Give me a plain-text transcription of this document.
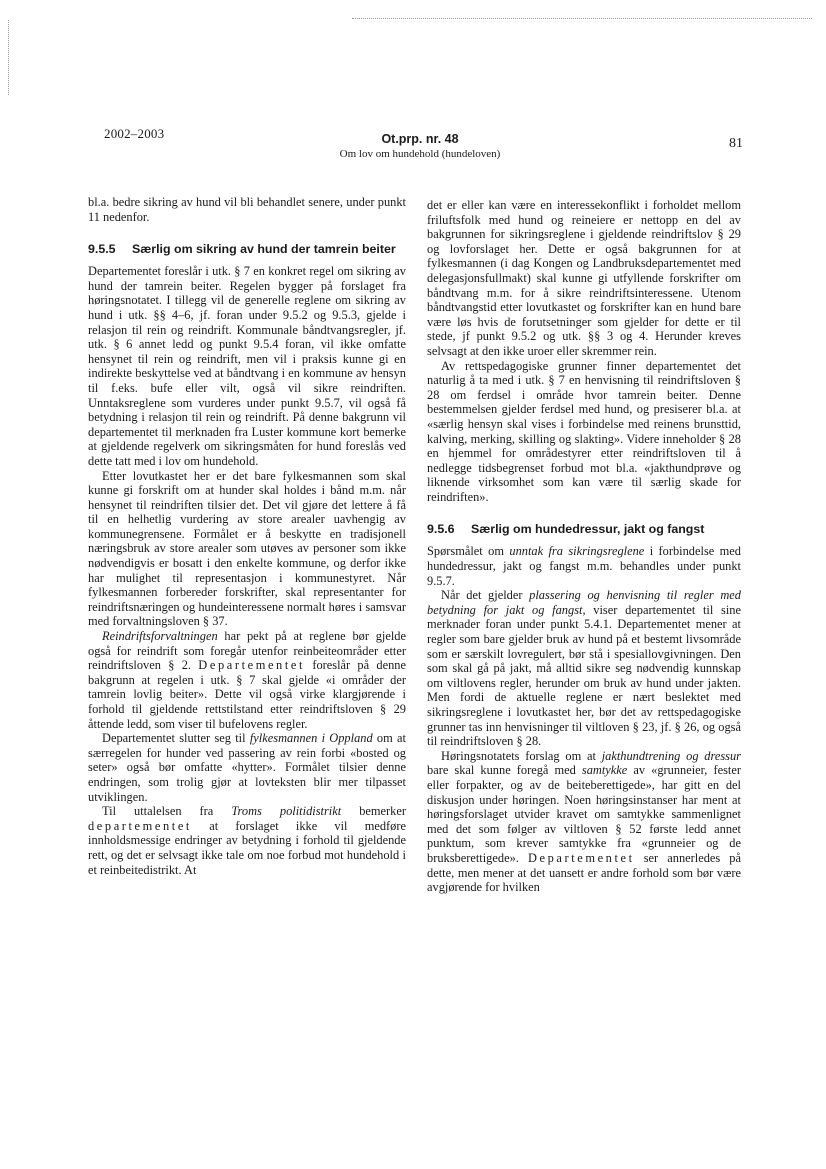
2002–2003	Ot.prp. nr. 48
Om lov om hundehold (hundeloven)
81

bl.a. bedre sikring av hund vil bli behandlet senere, under punkt 11 nedenfor.

9.5.5	Særlig om sikring av hund der tamrein beiter

Departementet foreslår i utk. § 7 en konkret regel om sikring av hund der tamrein beiter. Regelen bygger på forslaget fra høringsnotatet. I tillegg vil de generelle reglene om sikring av hund i utk. §§ 4–6, jf. foran under 9.5.2 og 9.5.3, gjelde i relasjon til rein og reindrift. Kommunale båndtvangsregler, jf. utk. § 6 annet ledd og punkt 9.5.4 foran, vil ikke omfatte hensynet til rein og reindrift, men vil i praksis kunne gi en indirekte beskyttelse ved at båndtvang i en kommune av hensyn til f.eks. bufe eller vilt, også vil sikre reindriften. Unntaksreglene som vurderes under punkt 9.5.7, vil også få betydning i relasjon til rein og reindrift. På denne bakgrunn vil departementet til merknaden fra Luster kommune kort bemerke at gjeldende regelverk om sikringsmåten for hund foreslås ved dette tatt med i lov om hundehold.

Etter lovutkastet her er det bare fylkesmannen som skal kunne gi forskrift om at hunder skal holdes i bånd m.m. når hensynet til reindriften tilsier det. Det vil gjøre det lettere å få til en helhetlig vurdering av store arealer uavhengig av kommunegrensene. Formålet er å beskytte en tradisjonell næringsbruk av store arealer som utøves av personer som ikke nødvendigvis er bosatt i den enkelte kommune, og derfor ikke har mulighet til representasjon i kommunestyret. Når fylkesmannen forbereder forskrifter, skal representanter for reindriftsnæringen og hundeinteressene normalt høres i samsvar med forvaltningsloven § 37.

Reindriftsforvaltningen har pekt på at reglene bør gjelde også for reindrift som foregår utenfor reinbeiteområder etter reindriftsloven § 2. Departementet foreslår på denne bakgrunn at regelen i utk. § 7 skal gjelde «i områder der tamrein lovlig beiter». Dette vil også virke klargjørende i forhold til gjeldende rettstilstand etter reindriftsloven § 29 åttende ledd, som viser til bufelovens regler.

Departementet slutter seg til fylkesmannen i Oppland om at særregelen for hunder ved passering av rein forbi «bosted og seter» også bør omfatte «hytter». Formålet tilsier denne endringen, som trolig gjør at lovteksten blir mer tilpasset utviklingen.

Til uttalelsen fra Troms politidistrikt bemerker departementet at forslaget ikke vil medføre innholdsmessige endringer av betydning i forhold til gjeldende rett, og det er selvsagt ikke tale om noe forbud mot hundehold i et reinbeitedistrikt. At

det er eller kan være en interessekonflikt i forholdet mellom friluftsfolk med hund og reineiere er nettopp en del av bakgrunnen for sikringsreglene i gjeldende reindriftslov § 29 og lovforslaget her. Dette er også bakgrunnen for at fylkesmannen (i dag Kongen og Landbruksdepartementet med delegasjonsfullmakt) skal kunne gi utfyllende forskrifter om båndtvang m.m. for å sikre reindriftsinteressene. Utenom båndtvangstid etter lovutkastet og forskrifter kan en hund bare være løs hvis de forutsetninger som gjelder for dette er til stede, jf punkt 9.5.2 og utk. §§ 3 og 4. Herunder kreves selvsagt at den ikke uroer eller skremmer rein.

Av rettspedagogiske grunner finner departementet det naturlig å ta med i utk. § 7 en henvisning til reindriftsloven § 28 om ferdsel i område hvor tamrein beiter. Denne bestemmelsen gjelder ferdsel med hund, og presiserer bl.a. at «særlig hensyn skal vises i forbindelse med reinens brunsttid, kalving, merking, skilling og slakting». Videre inneholder § 28 en hjemmel for områdestyrer etter reindriftsloven til å nedlegge tidsbegrenset forbud mot bl.a. «jakthundprøve og liknende virksomhet som kan være til særlig skade for reindriften».

9.5.6	Særlig om hundedressur, jakt og fangst

Spørsmålet om unntak fra sikringsreglene i forbindelse med hundedressur, jakt og fangst m.m. behandles under punkt 9.5.7.

Når det gjelder plassering og henvisning til regler med betydning for jakt og fangst, viser departementet til sine merknader foran under punkt 5.4.1. Departementet mener at regler som bare gjelder bruk av hund på et bestemt livsområde som er særskilt lovregulert, bør stå i spesiallovgivningen. Den som skal gå på jakt, må alltid sikre seg nødvendig kunnskap om viltlovens regler, herunder om bruk av hund under jakten. Men fordi de aktuelle reglene er nært beslektet med sikringsreglene i lovutkastet her, bør det av rettspedagogiske grunner tas inn henvisninger til viltloven § 23, jf. § 26, og også til reindriftsloven § 28.

Høringsnotatets forslag om at jakthundtrening og dressur bare skal kunne foregå med samtykke av «grunneier, fester eller forpakter, og av de beiteberettigede», har gitt en del diskusjon under høringen. Noen høringsinstanser har ment at høringsforslaget utvider kravet om samtykke sammenlignet med det som følger av viltloven § 52 første ledd annet punktum, som krever samtykke fra «grunneier og de bruksberettigede». Departementet ser annerledes på dette, men mener at det uansett er andre forhold som bør være avgjørende for hvilken
